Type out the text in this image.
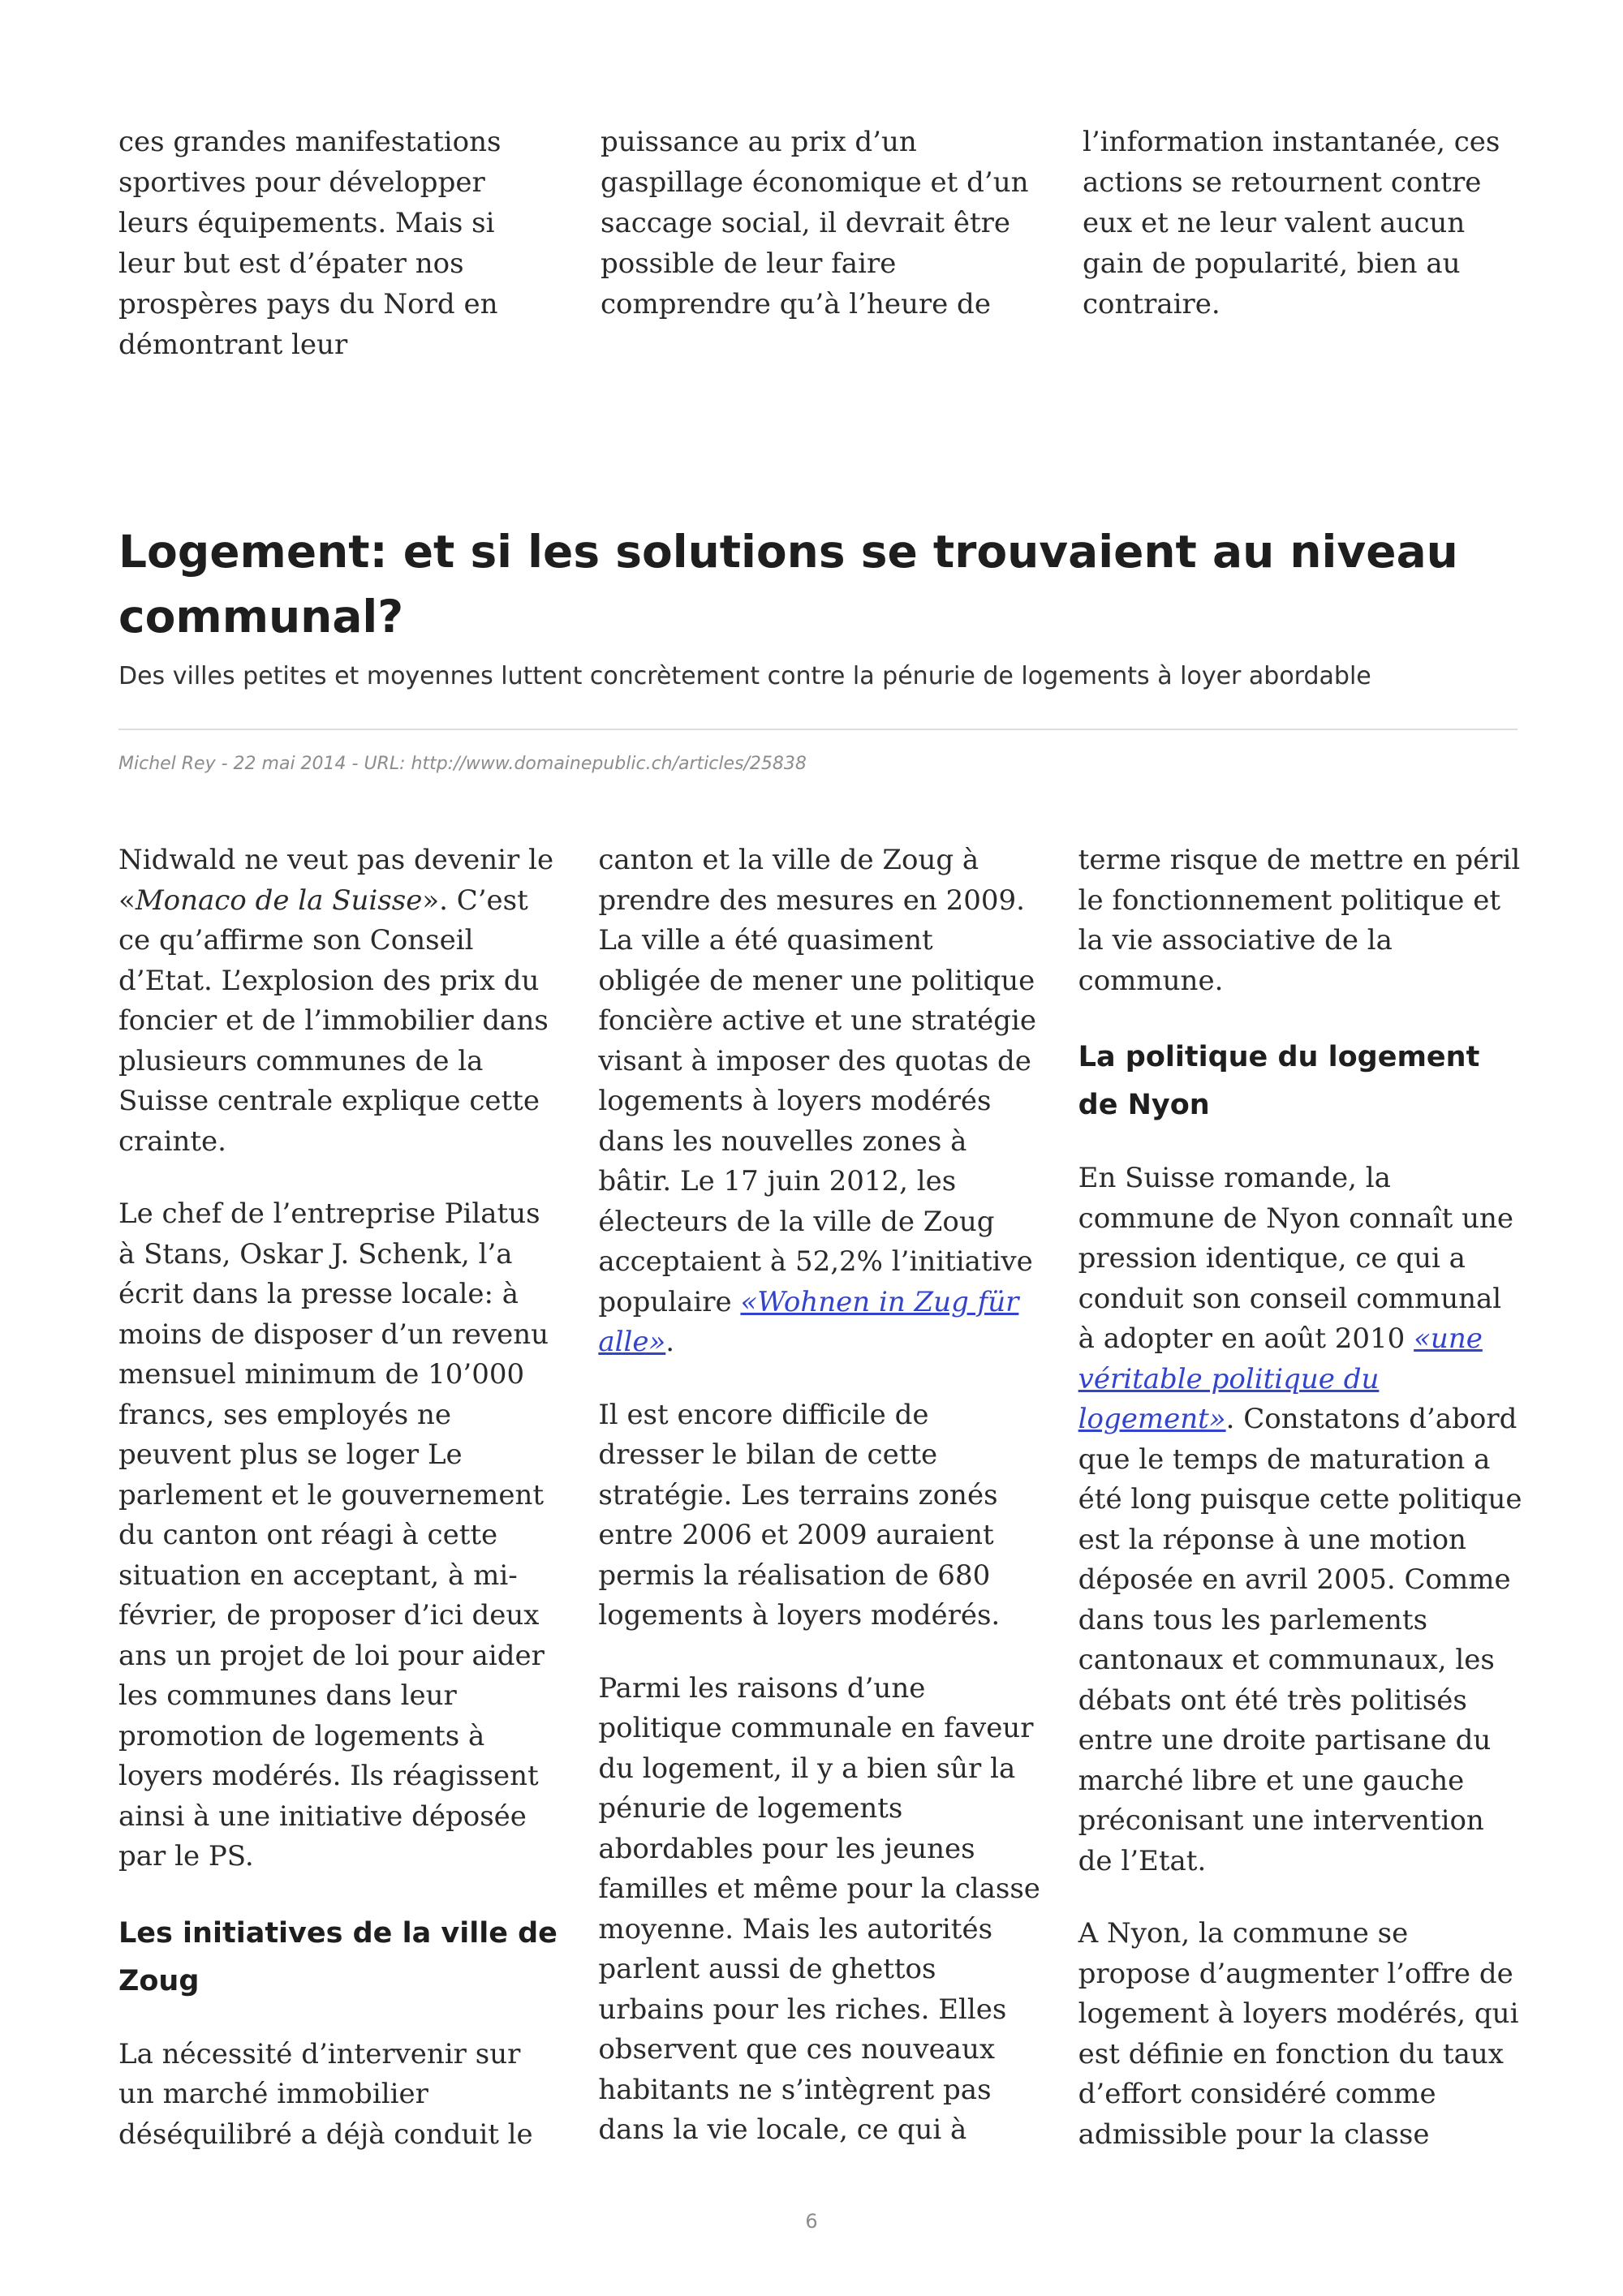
ces grandes manifestations sportives pour développer leurs équipements. Mais si leur but est d’épater nos prospères pays du Nord en démontrant leur

puissance au prix d’un gaspillage économique et d’un saccage social, il devrait être possible de leur faire comprendre qu’à l’heure de

l’information instantanée, ces actions se retournent contre eux et ne leur valent aucun gain de popularité, bien au contraire.

Logement: et si les solutions se trouvaient au niveau communal?

Des villes petites et moyennes luttent concrètement contre la pénurie de logements à loyer abordable

Michel Rey - 22 mai 2014 - URL: http://www.domainepublic.ch/articles/25838

Nidwald ne veut pas devenir le «Monaco de la Suisse». C’est ce qu’affirme son Conseil d’Etat. L’explosion des prix du foncier et de l’immobilier dans plusieurs communes de la Suisse centrale explique cette crainte.

Le chef de l’entreprise Pilatus à Stans, Oskar J. Schenk, l’a écrit dans la presse locale: à moins de disposer d’un revenu mensuel minimum de 10’000 francs, ses employés ne peuvent plus se loger Le parlement et le gouvernement du canton ont réagi à cette situation en acceptant, à mi-février, de proposer d’ici deux ans un projet de loi pour aider les communes dans leur promotion de logements à loyers modérés. Ils réagissent ainsi à une initiative déposée par le PS.

Les initiatives de la ville de Zoug

La nécessité d’intervenir sur un marché immobilier déséquilibré a déjà conduit le

canton et la ville de Zoug à prendre des mesures en 2009. La ville a été quasiment obligée de mener une politique foncière active et une stratégie visant à imposer des quotas de logements à loyers modérés dans les nouvelles zones à bâtir. Le 17 juin 2012, les électeurs de la ville de Zoug acceptaient à 52,2% l’initiative populaire «Wohnen in Zug für alle».

Il est encore difficile de dresser le bilan de cette stratégie. Les terrains zonés entre 2006 et 2009 auraient permis la réalisation de 680 logements à loyers modérés.

Parmi les raisons d’une politique communale en faveur du logement, il y a bien sûr la pénurie de logements abordables pour les jeunes familles et même pour la classe moyenne. Mais les autorités parlent aussi de ghettos urbains pour les riches. Elles observent que ces nouveaux habitants ne s’intègrent pas dans la vie locale, ce qui à

terme risque de mettre en péril le fonctionnement politique et la vie associative de la commune.

La politique du logement de Nyon

En Suisse romande, la commune de Nyon connaît une pression identique, ce qui a conduit son conseil communal à adopter en août 2010 «une véritable politique du logement». Constatons d’abord que le temps de maturation a été long puisque cette politique est la réponse à une motion déposée en avril 2005. Comme dans tous les parlements cantonaux et communaux, les débats ont été très politisés entre une droite partisane du marché libre et une gauche préconisant une intervention de l’Etat.

A Nyon, la commune se propose d’augmenter l’offre de logement à loyers modérés, qui est définie en fonction du taux d’effort considéré comme admissible pour la classe

6
